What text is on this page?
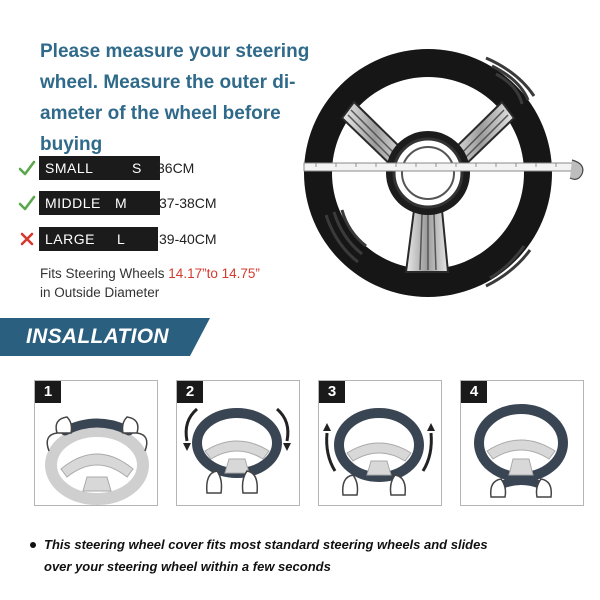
Please measure your steering
wheel. Measure the outer di-
ameter of the wheel before
buying
SMALL	S 36CM
MIDDLE M 37-38CM
LARGE L 39-40CM
Fits Steering Wheels 14.17”to 14.75”
in Outside Diameter
INSALLATION
1	2	3	4
This steering wheel cover fits most standard steering wheels and slides
over your steering wheel within a few seconds
